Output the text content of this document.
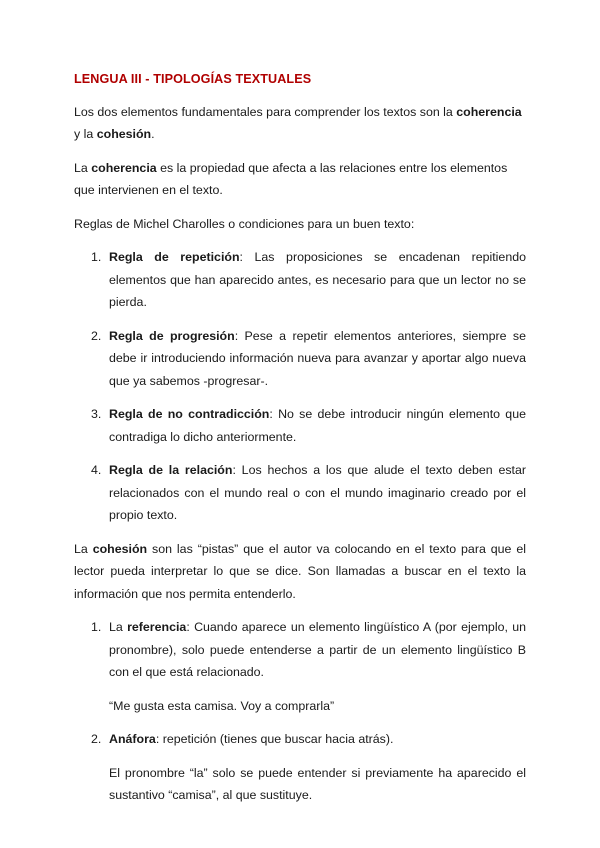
LENGUA III - TIPOLOGÍAS TEXTUALES

Los dos elementos fundamentales para comprender los textos son la coherencia y la cohesión.

La coherencia es la propiedad que afecta a las relaciones entre los elementos que intervienen en el texto.

Reglas de Michel Charolles o condiciones para un buen texto:

1. Regla de repetición: Las proposiciones se encadenan repitiendo elementos que han aparecido antes, es necesario para que un lector no se pierda.
2. Regla de progresión: Pese a repetir elementos anteriores, siempre se debe ir introduciendo información nueva para avanzar y aportar algo nueva que ya sabemos -progresar-.
3. Regla de no contradicción: No se debe introducir ningún elemento que contradiga lo dicho anteriormente.
4. Regla de la relación: Los hechos a los que alude el texto deben estar relacionados con el mundo real o con el mundo imaginario creado por el propio texto.

La cohesión son las “pistas” que el autor va colocando en el texto para que el lector pueda interpretar lo que se dice. Son llamadas a buscar en el texto la información que nos permita entenderlo.

1. La referencia: Cuando aparece un elemento lingüístico A (por ejemplo, un pronombre), solo puede entenderse a partir de un elemento lingüístico B con el que está relacionado.

“Me gusta esta camisa. Voy a comprarla”

2. Anáfora: repetición (tienes que buscar hacia atrás).

El pronombre “la” solo se puede entender si previamente ha aparecido el sustantivo “camisa”, al que sustituye.
